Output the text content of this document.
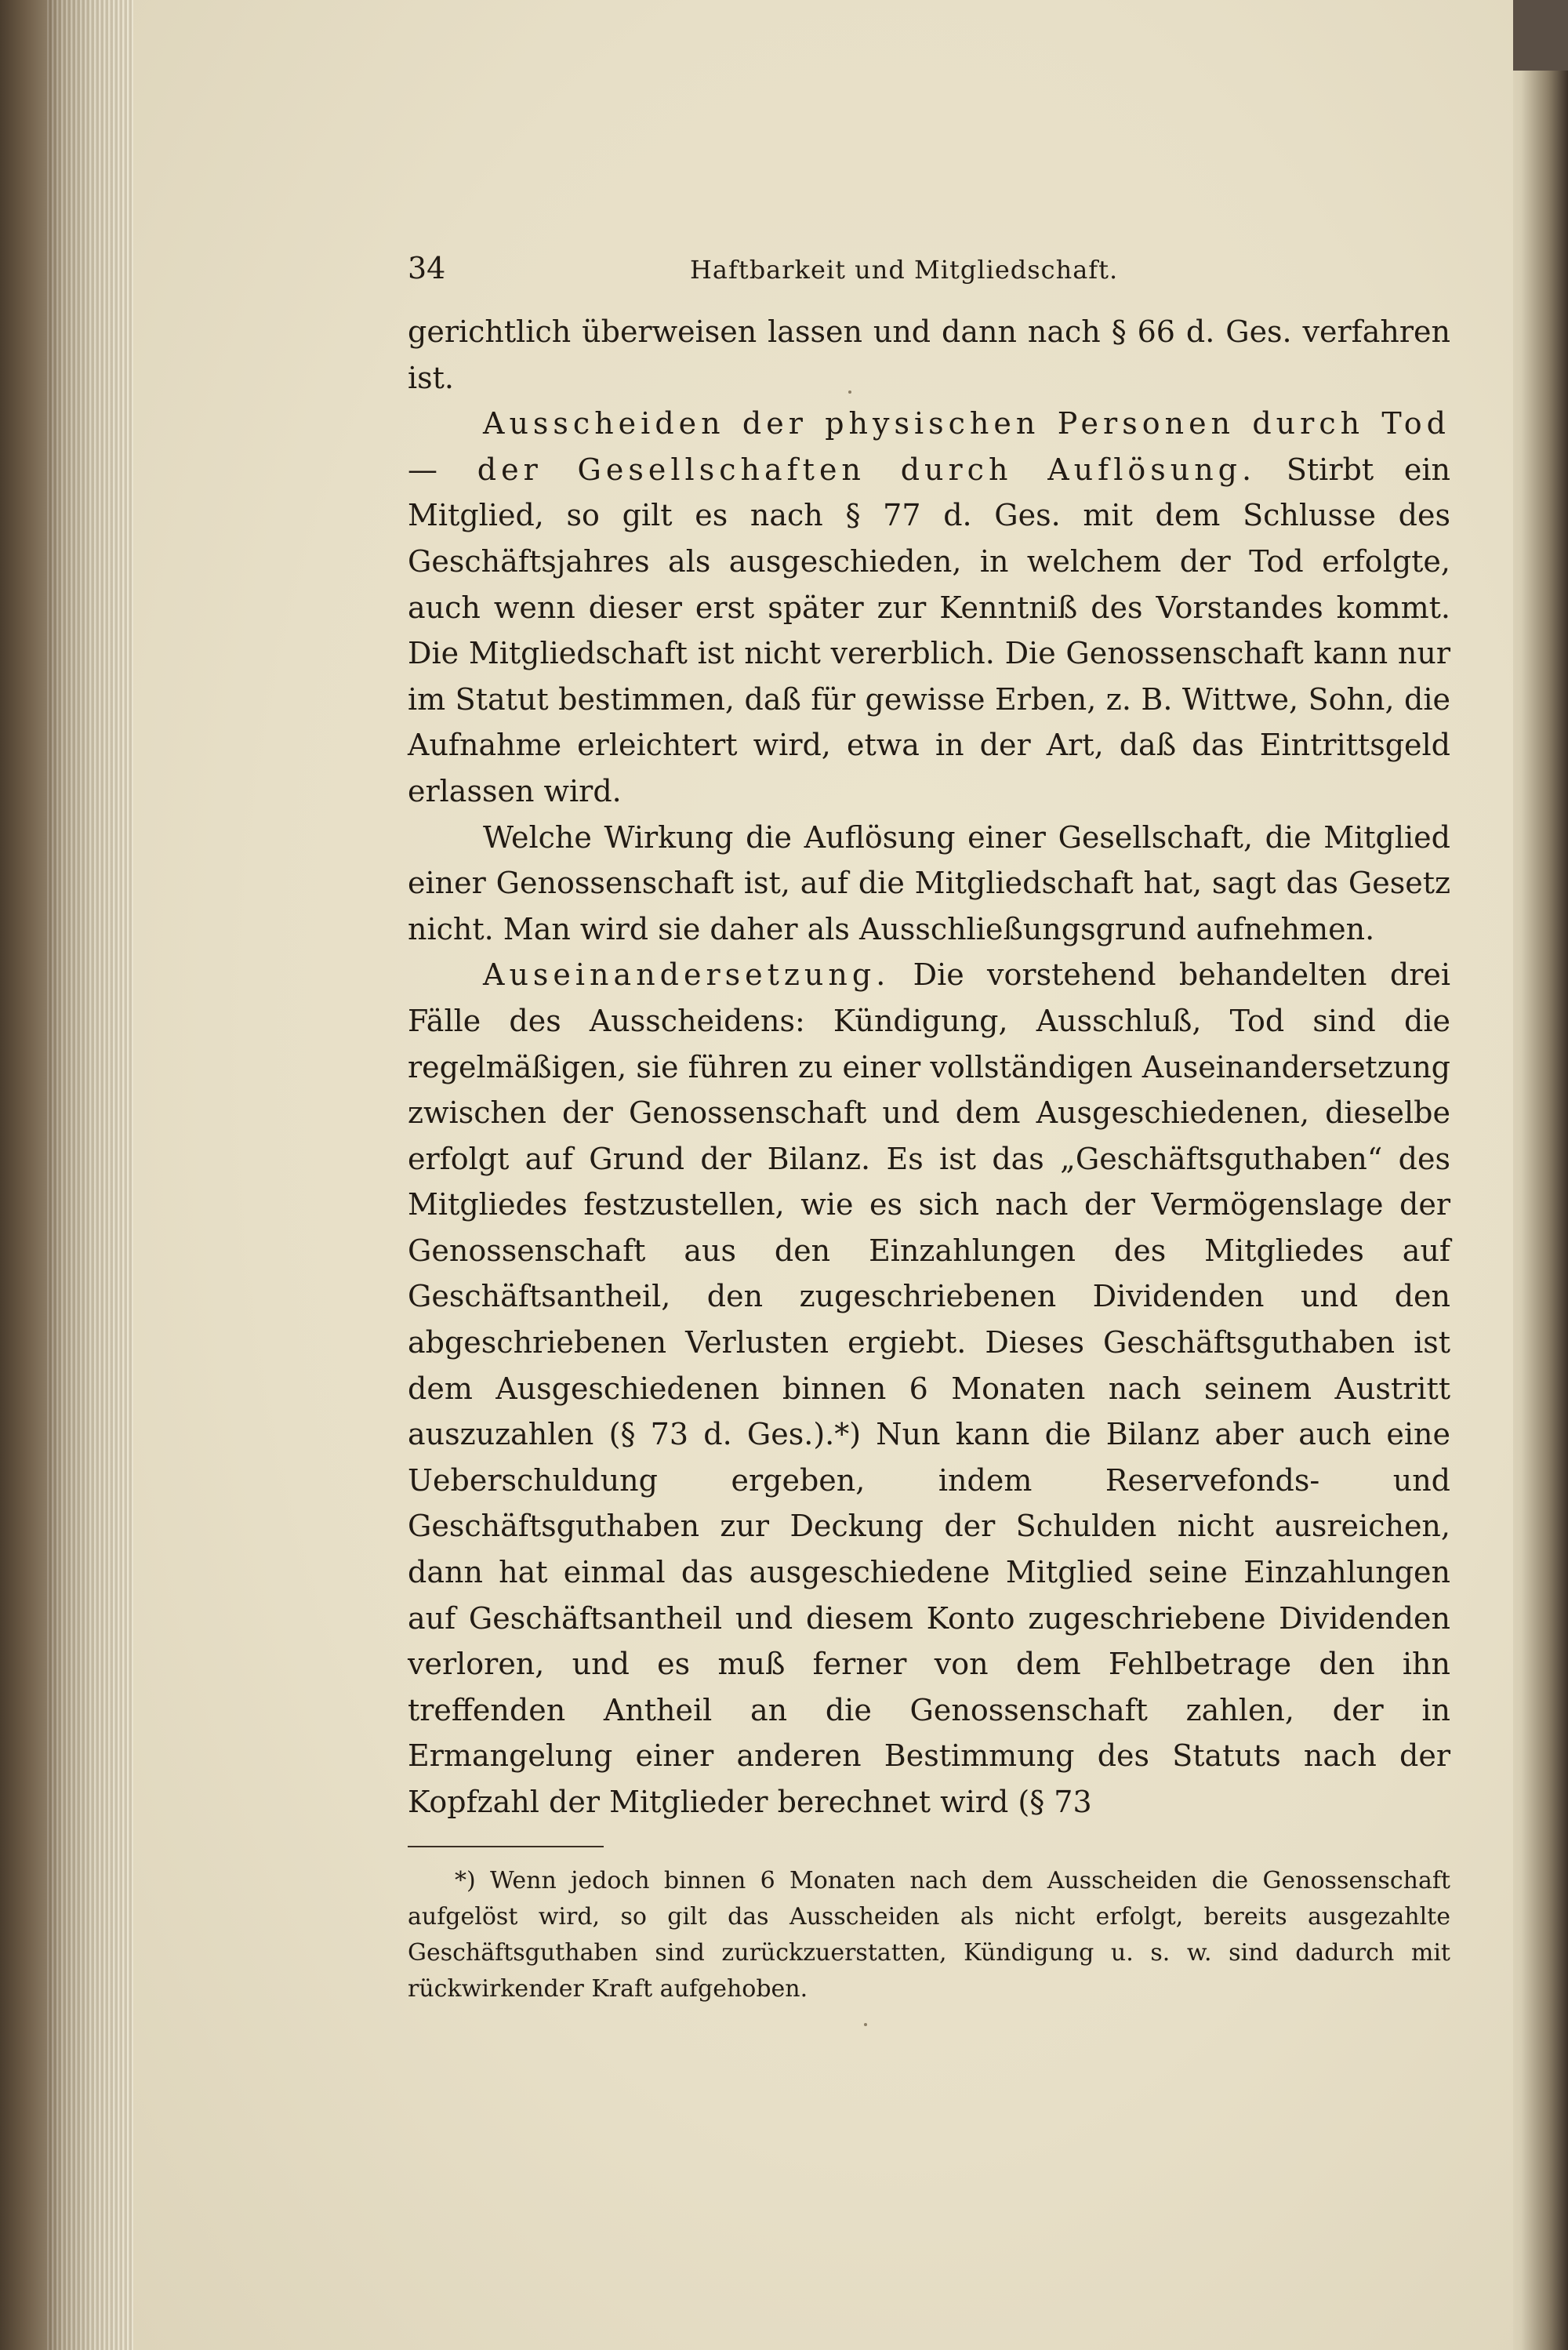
34	Haftbarkeit und Mitgliedschaft.

gerichtlich überweisen lassen und dann nach § 66 d. Ges. verfahren ist.

Ausscheiden der physischen Personen durch Tod — der Gesellschaften durch Auflösung. Stirbt ein Mitglied, so gilt es nach § 77 d. Ges. mit dem Schlusse des Geschäftsjahres als ausgeschieden, in welchem der Tod erfolgte, auch wenn dieser erst später zur Kenntniß des Vorstandes kommt. Die Mitgliedschaft ist nicht vererblich. Die Genossenschaft kann nur im Statut bestimmen, daß für gewisse Erben, z. B. Wittwe, Sohn, die Aufnahme erleichtert wird, etwa in der Art, daß das Eintrittsgeld erlassen wird.

Welche Wirkung die Auflösung einer Gesellschaft, die Mitglied einer Genossenschaft ist, auf die Mitgliedschaft hat, sagt das Gesetz nicht. Man wird sie daher als Ausschließungsgrund aufnehmen.

Auseinandersetzung. Die vorstehend behandelten drei Fälle des Ausscheidens: Kündigung, Ausschluß, Tod sind die regelmäßigen, sie führen zu einer vollständigen Auseinandersetzung zwischen der Genossenschaft und dem Ausgeschiedenen, dieselbe erfolgt auf Grund der Bilanz. Es ist das „Geschäftsguthaben“ des Mitgliedes festzustellen, wie es sich nach der Vermögenslage der Genossenschaft aus den Einzahlungen des Mitgliedes auf Geschäftsantheil, den zugeschriebenen Dividenden und den abgeschriebenen Verlusten ergiebt. Dieses Geschäftsguthaben ist dem Ausgeschiedenen binnen 6 Monaten nach seinem Austritt auszuzahlen (§ 73 d. Ges.).*) Nun kann die Bilanz aber auch eine Ueberschuldung ergeben, indem Reservefonds- und Geschäftsguthaben zur Deckung der Schulden nicht ausreichen, dann hat einmal das ausgeschiedene Mitglied seine Einzahlungen auf Geschäftsantheil und diesem Konto zugeschriebene Dividenden verloren, und es muß ferner von dem Fehlbetrage den ihn treffenden Antheil an die Genossenschaft zahlen, der in Ermangelung einer anderen Bestimmung des Statuts nach der Kopfzahl der Mitglieder berechnet wird (§ 73

*) Wenn jedoch binnen 6 Monaten nach dem Ausscheiden die Genossenschaft aufgelöst wird, so gilt das Ausscheiden als nicht erfolgt, bereits ausgezahlte Geschäftsguthaben sind zurückzuerstatten, Kündigung u. s. w. sind dadurch mit rückwirkender Kraft aufgehoben.
